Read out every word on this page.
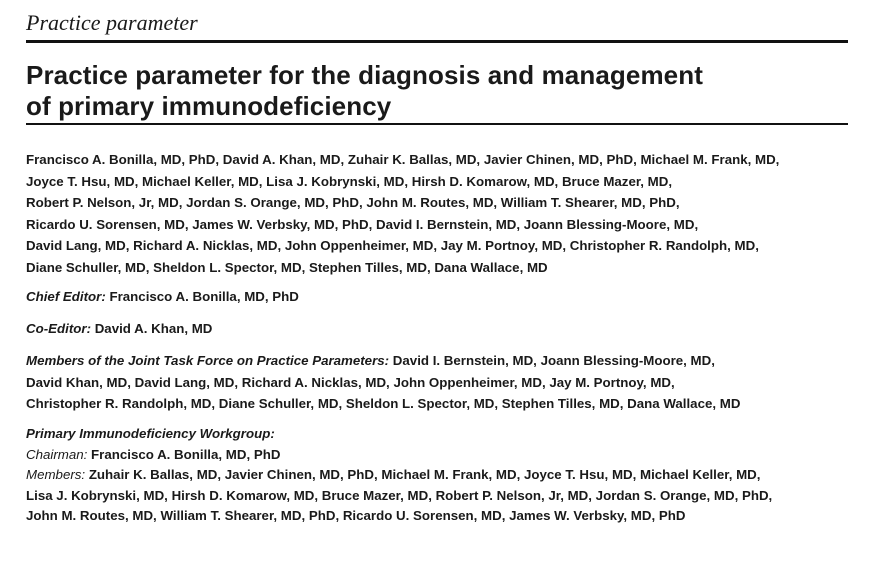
Practice parameter
Practice parameter for the diagnosis and management
of primary immunodeficiency
Francisco A. Bonilla, MD, PhD, David A. Khan, MD, Zuhair K. Ballas, MD, Javier Chinen, MD, PhD, Michael M. Frank, MD,
Joyce T. Hsu, MD, Michael Keller, MD, Lisa J. Kobrynski, MD, Hirsh D. Komarow, MD, Bruce Mazer, MD,
Robert P. Nelson, Jr, MD, Jordan S. Orange, MD, PhD, John M. Routes, MD, William T. Shearer, MD, PhD,
Ricardo U. Sorensen, MD, James W. Verbsky, MD, PhD, David I. Bernstein, MD, Joann Blessing-Moore, MD,
David Lang, MD, Richard A. Nicklas, MD, John Oppenheimer, MD, Jay M. Portnoy, MD, Christopher R. Randolph, MD,
Diane Schuller, MD, Sheldon L. Spector, MD, Stephen Tilles, MD, Dana Wallace, MD
Chief Editor: Francisco A. Bonilla, MD, PhD
Co-Editor: David A. Khan, MD
Members of the Joint Task Force on Practice Parameters: David I. Bernstein, MD, Joann Blessing-Moore, MD,
David Khan, MD, David Lang, MD, Richard A. Nicklas, MD, John Oppenheimer, MD, Jay M. Portnoy, MD,
Christopher R. Randolph, MD, Diane Schuller, MD, Sheldon L. Spector, MD, Stephen Tilles, MD, Dana Wallace, MD
Primary Immunodeficiency Workgroup:
Chairman: Francisco A. Bonilla, MD, PhD
Members: Zuhair K. Ballas, MD, Javier Chinen, MD, PhD, Michael M. Frank, MD, Joyce T. Hsu, MD, Michael Keller, MD,
Lisa J. Kobrynski, MD, Hirsh D. Komarow, MD, Bruce Mazer, MD, Robert P. Nelson, Jr, MD, Jordan S. Orange, MD, PhD,
John M. Routes, MD, William T. Shearer, MD, PhD, Ricardo U. Sorensen, MD, James W. Verbsky, MD, PhD
